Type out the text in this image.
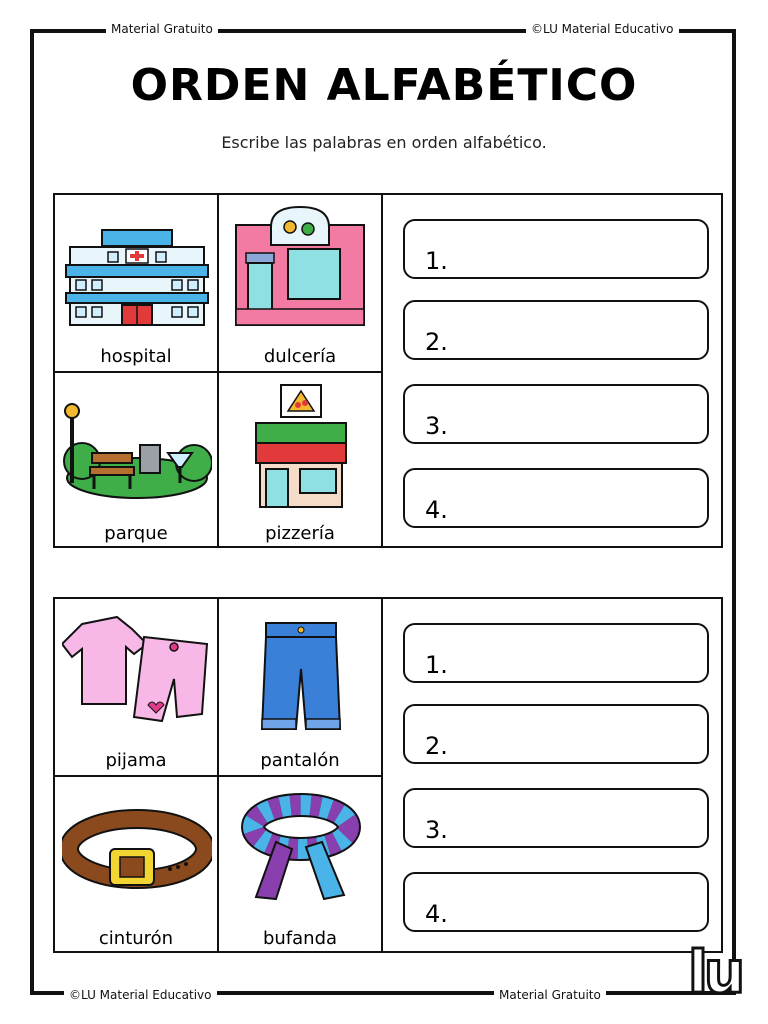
Material Gratuito	©LU Material Educativo
©LU Material Educativo	Material Gratuito
ORDEN ALFABÉTICO
Escribe las palabras en orden alfabético.
hospital	dulcería
parque	pizzería
1.
2.
3.
4.
pijama	pantalón
cinturón	bufanda
1.
2.
3.
4.
lu
